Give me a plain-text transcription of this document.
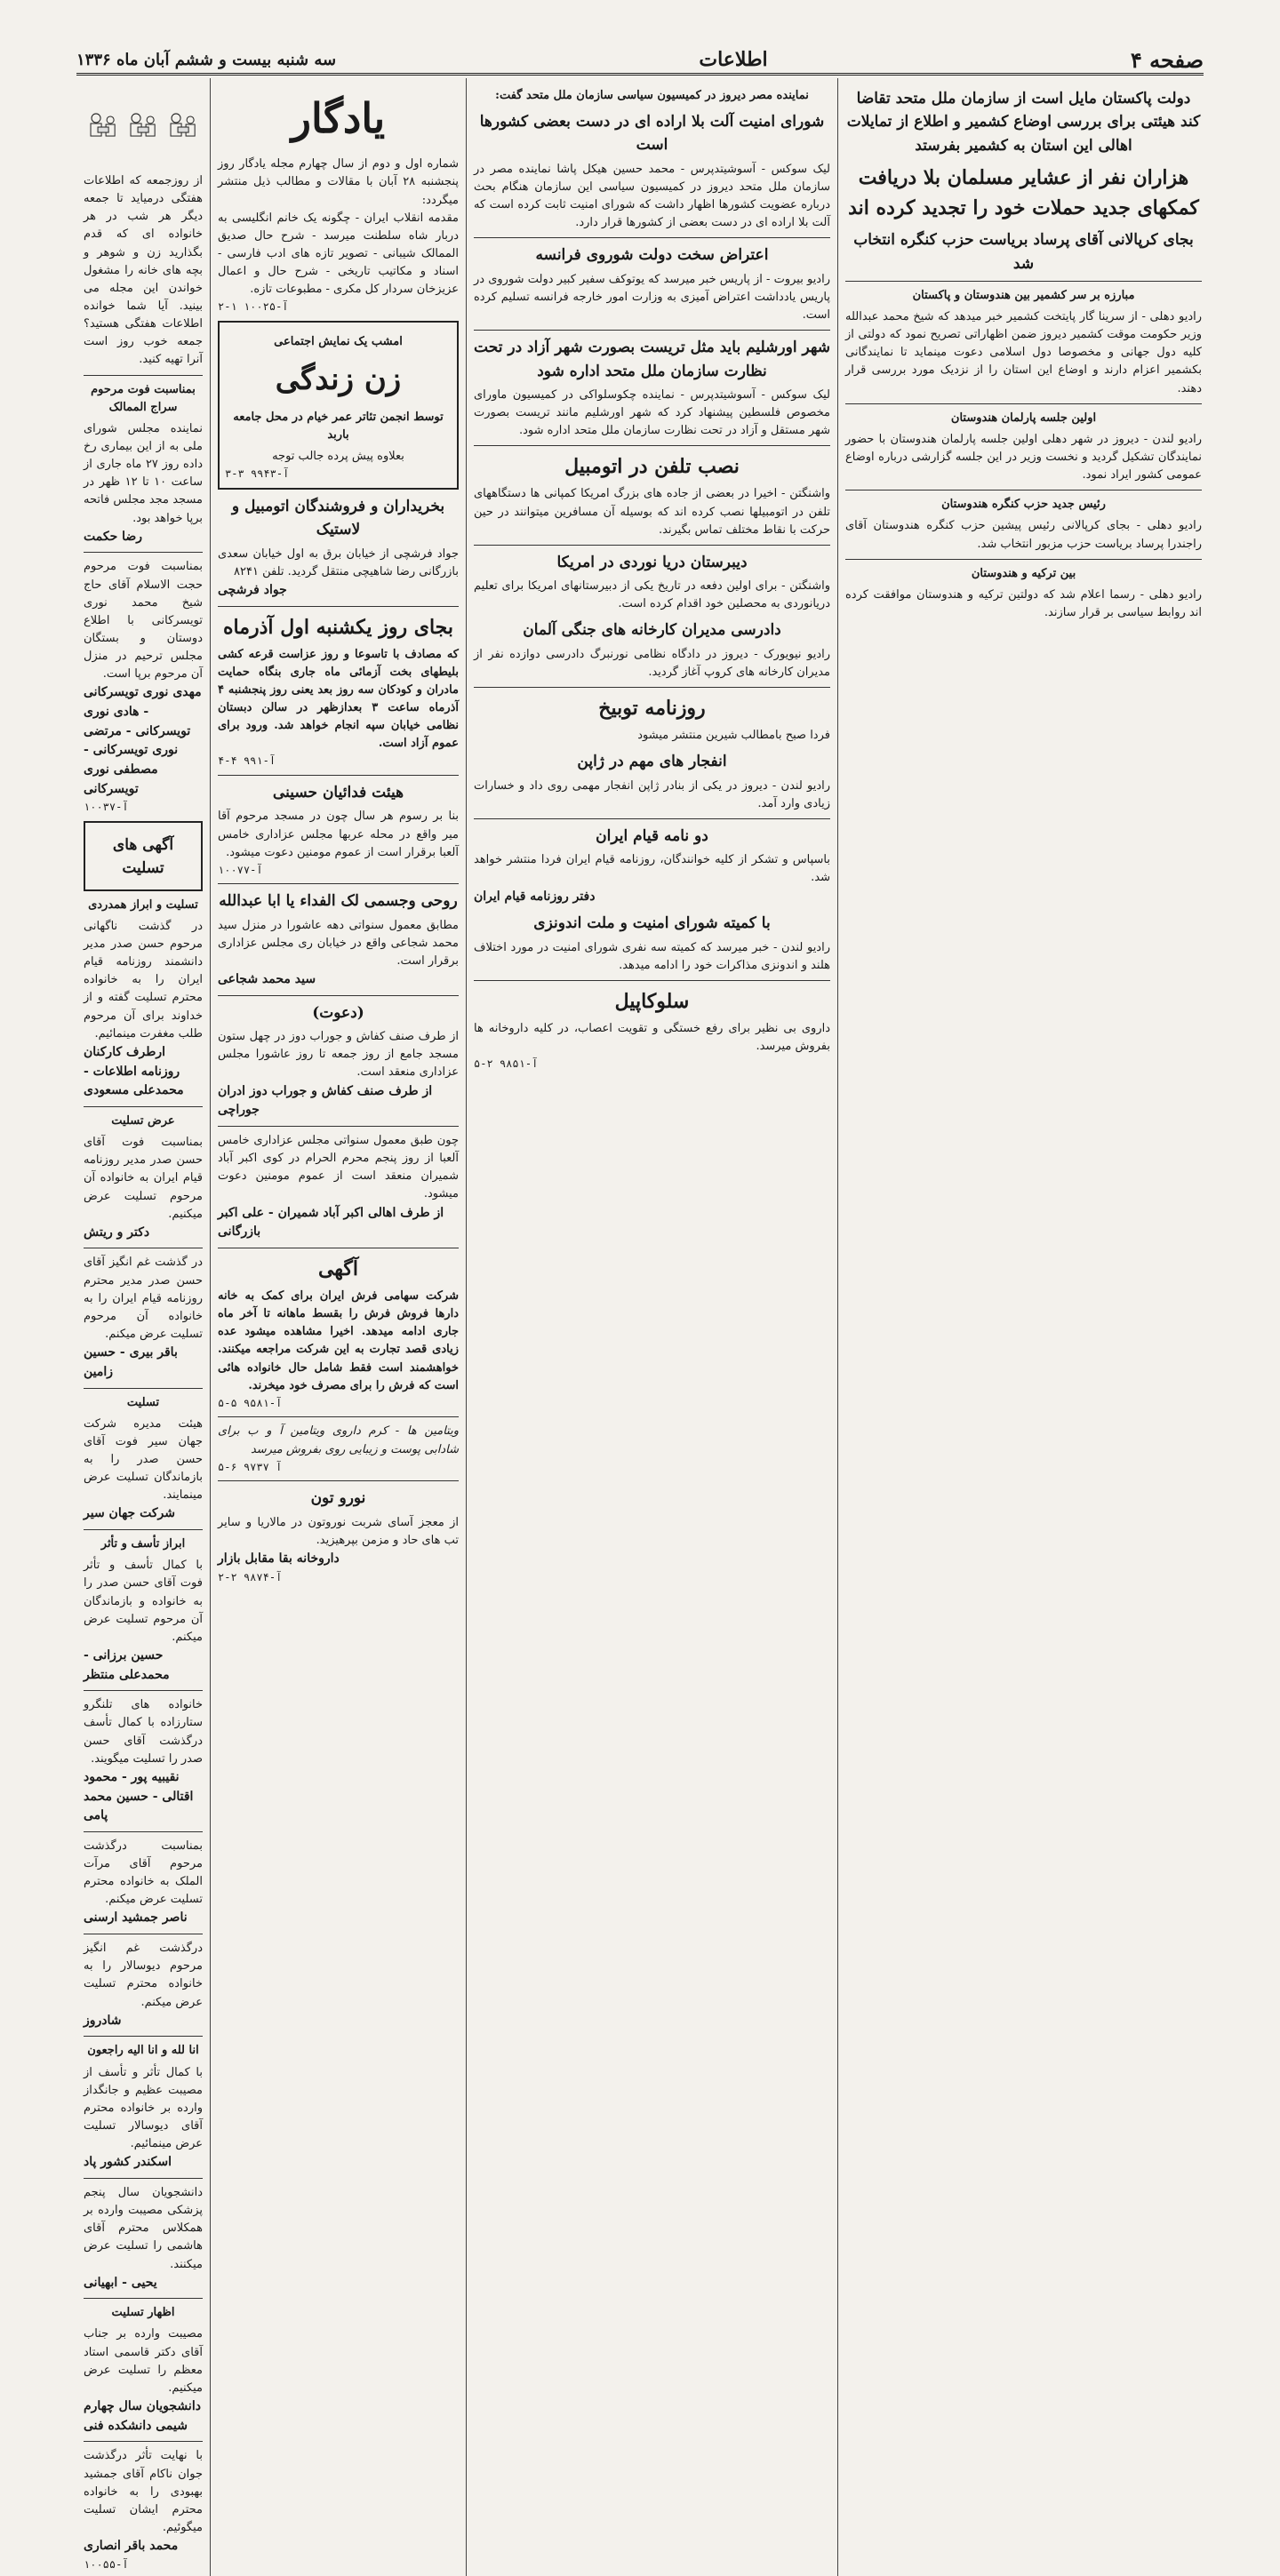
صفحه ۴
اطلاعات
سه شنبه بیست و ششم آبان ماه ۱۳۳۶
از روزجمعه که اطلاعات هفتگی درمیاید تا جمعه دیگر هر شب در هر خانواده ای که قدم بگذارید زن و شوهر و بچه های خانه را مشغول خواندن این مجله می بینید. آیا شما خوانده اطلاعات هفتگی هستید؟ جمعه خوب روز است آنرا تهیه کنید.
بمناسبت فوت مرحوم سراج الممالک
نماینده مجلس شورای ملی به از این بیماری رخ داده روز ۲۷ ماه جاری از ساعت ۱۰ تا ۱۲ ظهر در مسجد مجد مجلس فاتحه برپا خواهد بود.
رضا حکمت
بمناسبت فوت مرحوم حجت الاسلام آقای حاج شیخ محمد نوری تویسرکانی با اطلاع دوستان و بستگان مجلس ترحیم در منزل آن مرحوم برپا است.
مهدی نوری تویسرکانی - هادی نوری تویسرکانی - مرتضی نوری تویسرکانی - مصطفی نوری تویسرکانی
آ-۱۰۰۳۷
آگهی های تسلیت
تسلیت و ابراز همدردی
در گذشت ناگهانی مرحوم حسن صدر مدیر دانشمند روزنامه قیام ایران را به خانواده محترم تسلیت گفته و از خداوند برای آن مرحوم طلب مغفرت مینمائیم.
ارطرف کارکنان روزنامه اطلاعات - محمدعلی مسعودی
عرض تسلیت
بمناسبت فوت آقای حسن صدر مدیر روزنامه قیام ایران به خانواده آن مرحوم تسلیت عرض میکنیم.
دکتر و ریتش
در گذشت غم انگیز آقای حسن صدر مدیر محترم روزنامه قیام ایران را به خانواده آن مرحوم تسلیت عرض میکنم.
باقر بیری - حسین زامین
تسلیت
هیئت مدیره شرکت جهان سیر فوت آقای حسن صدر را به بازماندگان تسلیت عرض مینمایند.
شرکت جهان سیر
ابراز تأسف و تأثر
با کمال تأسف و تأثر فوت آقای حسن صدر را به خانواده و بازماندگان آن مرحوم تسلیت عرض میکنم.
حسین برزانی - محمدعلی منتظر
خانواده های تلنگرو ستارزاده با کمال تأسف درگذشت آقای حسن صدر را تسلیت میگویند.
نقیبیه پور - محمود اقتالی - حسین محمد پامی
بمناسبت درگذشت مرحوم آقای مرآت الملک به خانواده محترم تسلیت عرض میکنم.
ناصر جمشید ارسنی
درگذشت غم انگیز مرحوم دیوسالار را به خانواده محترم تسلیت عرض میکنم.
شادروز
انا لله و انا الیه راجعون
با کمال تأثر و تأسف از مصیبت عظیم و جانگداز وارده بر خانواده محترم آقای دیوسالار تسلیت عرض مینمائیم.
اسکندر کشور پاد
دانشجویان سال پنجم پزشکی مصیبت وارده بر همکلاس محترم آقای هاشمی را تسلیت عرض میکنند.
یحیی - ابهیانی
اظهار تسلیت
مصیبت وارده بر جناب آقای دکتر قاسمی استاد معظم را تسلیت عرض میکنیم.
دانشجویان سال چهارم شیمی دانشکده فنی
با نهایت تأثر درگذشت جوان ناکام آقای جمشید بهبودی را به خانواده محترم ایشان تسلیت میگوئیم.
محمد باقر انصاری
آ-۱۰۰۵۵
یادگار
شماره اول و دوم از سال چهارم مجله یادگار روز پنجشنبه ۲۸ آبان با مقالات و مطالب ذیل منتشر میگردد:
مقدمه انقلاب ایران - چگونه یک خانم انگلیسی به دربار شاه سلطنت میرسد - شرح حال صدیق الممالک شیبانی - تصویر تازه های ادب فارسی - اسناد و مکاتیب تاریخی - شرح حال و اعمال عزیزخان سردار کل مکری - مطبوعات تازه.
آ-۱۰۰۲۵ ۱-۲
امشب یک نمایش اجتماعی
زن زندگی
توسط انجمن تئاتر عمر خیام در محل جامعه باربد
بعلاوه پیش پرده جالب توجه
آ-۹۹۴۳ ۳-۳
بخریداران و فروشندگان اتومبیل و لاستیک
جواد فرشچی از خیابان برق به اول خیابان سعدی بازرگانی رضا شاهیچی منتقل گردید. تلفن ۸۲۴۱
جواد فرشچی
بجای روز یکشنبه اول آذرماه
که مصادف با تاسوعا و روز عزاست قرعه کشی بلیطهای بخت آزمائی ماه جاری بنگاه حمایت مادران و کودکان سه روز بعد یعنی روز پنجشنبه ۴ آذرماه ساعت ۳ بعدازظهر در سالن دبستان نظامی خیابان سپه انجام خواهد شد. ورود برای عموم آزاد است.
آ-۹۹۱ ۴-۴
هیئت فدائیان حسینی
بنا بر رسوم هر سال چون در مسجد مرحوم آقا میر واقع در محله عربها مجلس عزاداری خامس آلعبا برقرار است از عموم مومنین دعوت میشود.
آ-۱۰۰۷۷
روحی وجسمی لک الفداء یا ابا عبدالله
مطابق معمول سنواتی دهه عاشورا در منزل سید محمد شجاعی واقع در خیابان ری مجلس عزاداری برقرار است.
سید محمد شجاعی
(دعوت)
از طرف صنف کفاش و جوراب دوز در چهل ستون مسجد جامع از روز جمعه تا روز عاشورا مجلس عزاداری منعقد است.
از طرف صنف کفاش و جوراب دوز ادران جوراچی
چون طبق معمول سنواتی مجلس عزاداری خامس آلعبا از روز پنجم محرم الحرام در کوی اکبر آباد شمیران منعقد است از عموم مومنین دعوت میشود.
از طرف اهالی اکبر آباد شمیران - علی اکبر بازرگانی
آگهی
شرکت سهامی فرش ایران برای کمک به خانه دارها فروش فرش را بقسط ماهانه تا آخر ماه جاری ادامه میدهد. اخیرا مشاهده میشود عده زیادی قصد تجارت به این شرکت مراجعه میکنند. خواهشمند است فقط شامل حال خانواده هائی است که فرش را برای مصرف خود میخرند.
آ-۹۵۸۱ ۵-۵
ویتامین ها - کرم داروی ویتامین آ و ب برای شادابی پوست و زیبایی روی بفروش میرسد
آ ۹۷۳۷ ۶-۵
نورو تون
از معجز آسای شربت نوروتون در مالاریا و سایر تب های حاد و مزمن بپرهیزید.
داروخانه بقا مقابل بازار
آ-۹۸۷۴ ۲-۲
نماینده مصر دیروز در کمیسیون سیاسی سازمان ملل متحد گفت:
شورای امنیت آلت بلا اراده ای در دست بعضی کشورها است
لیک سوکس - آسوشیتدپرس - محمد حسین هیکل پاشا نماینده مصر در سازمان ملل متحد دیروز در کمیسیون سیاسی این سازمان هنگام بحث درباره عضویت کشورها اظهار داشت که شورای امنیت ثابت کرده است که آلت بلا اراده ای در دست بعضی از کشورها قرار دارد.
اعتراض سخت دولت شوروی فرانسه
رادیو بیروت - از پاریس خبر میرسد که یوتوکف سفیر کبیر دولت شوروی در پاریس یادداشت اعتراض آمیزی به وزارت امور خارجه فرانسه تسلیم کرده است.
شهر اورشلیم باید مثل تریست بصورت شهر آزاد در تحت نظارت سازمان ملل متحد اداره شود
لیک سوکس - آسوشیتدپرس - نماینده چکوسلواکی در کمیسیون ماورای مخصوص فلسطین پیشنهاد کرد که شهر اورشلیم مانند تریست بصورت شهر مستقل و آزاد در تحت نظارت سازمان ملل متحد اداره شود.
نصب تلفن در اتومبیل
واشنگتن - اخیرا در بعضی از جاده های بزرگ امریکا کمپانی ها دستگاههای تلفن در اتومبیلها نصب کرده اند که بوسیله آن مسافرین میتوانند در حین حرکت با نقاط مختلف تماس بگیرند.
دیبرستان دریا نوردی در امریکا
واشنگتن - برای اولین دفعه در تاریخ یکی از دبیرستانهای امریکا برای تعلیم دریانوردی به محصلین خود اقدام کرده است.
دادرسی مدیران کارخانه های جنگی آلمان
رادیو نیویورک - دیروز در دادگاه نظامی نورنبرگ دادرسی دوازده نفر از مدیران کارخانه های کروپ آغاز گردید.
روزنامه توبیخ
فردا صبح بامطالب شیرین منتشر میشود
انفجار های مهم در ژاپن
رادیو لندن - دیروز در یکی از بنادر ژاپن انفجار مهمی روی داد و خسارات زیادی وارد آمد.
دو نامه قیام ایران
باسپاس و تشکر از کلیه خوانندگان، روزنامه قیام ایران فردا منتشر خواهد شد.
دفتر روزنامه قیام ایران
با کمیته شورای امنیت و ملت اندونزی
رادیو لندن - خبر میرسد که کمیته سه نفری شورای امنیت در مورد اختلاف هلند و اندونزی مذاکرات خود را ادامه میدهد.
سلوکاپیل
داروی بی نظیر برای رفع خستگی و تقویت اعصاب، در کلیه داروخانه ها بفروش میرسد.
آ-۹۸۵۱ ۲-۵
دولت پاکستان مایل است از سازمان ملل متحد تقاضا کند هیئتی برای بررسی اوضاع کشمیر و اطلاع از تمایلات اهالی این استان به کشمیر بفرستد
هزاران نفر از عشایر مسلمان بلا دریافت کمکهای جدید حملات خود را تجدید کرده اند
بجای کرپالانی آقای پرساد بریاست حزب کنگره انتخاب شد
مبارزه بر سر کشمیر بین هندوستان و پاکستان
رادیو دهلی - از سرینا گار پایتخت کشمیر خبر میدهد که شیخ محمد عبدالله وزیر حکومت موقت کشمیر دیروز ضمن اظهاراتی تصریح نمود که دولتی از کلیه دول جهانی و مخصوصا دول اسلامی دعوت مینماید تا نمایندگانی بکشمیر اعزام دارند و اوضاع این استان را از نزدیک مورد بررسی قرار دهند.
اولین جلسه پارلمان هندوستان
رادیو لندن - دیروز در شهر دهلی اولین جلسه پارلمان هندوستان با حضور نمایندگان تشکیل گردید و نخست وزیر در این جلسه گزارشی درباره اوضاع عمومی کشور ایراد نمود.
رئیس جدید حزب کنگره هندوستان
رادیو دهلی - بجای کرپالانی رئیس پیشین حزب کنگره هندوستان آقای راجندرا پرساد بریاست حزب مزبور انتخاب شد.
بین ترکیه و هندوستان
رادیو دهلی - رسما اعلام شد که دولتین ترکیه و هندوستان موافقت کرده اند روابط سیاسی بر قرار سازند.
